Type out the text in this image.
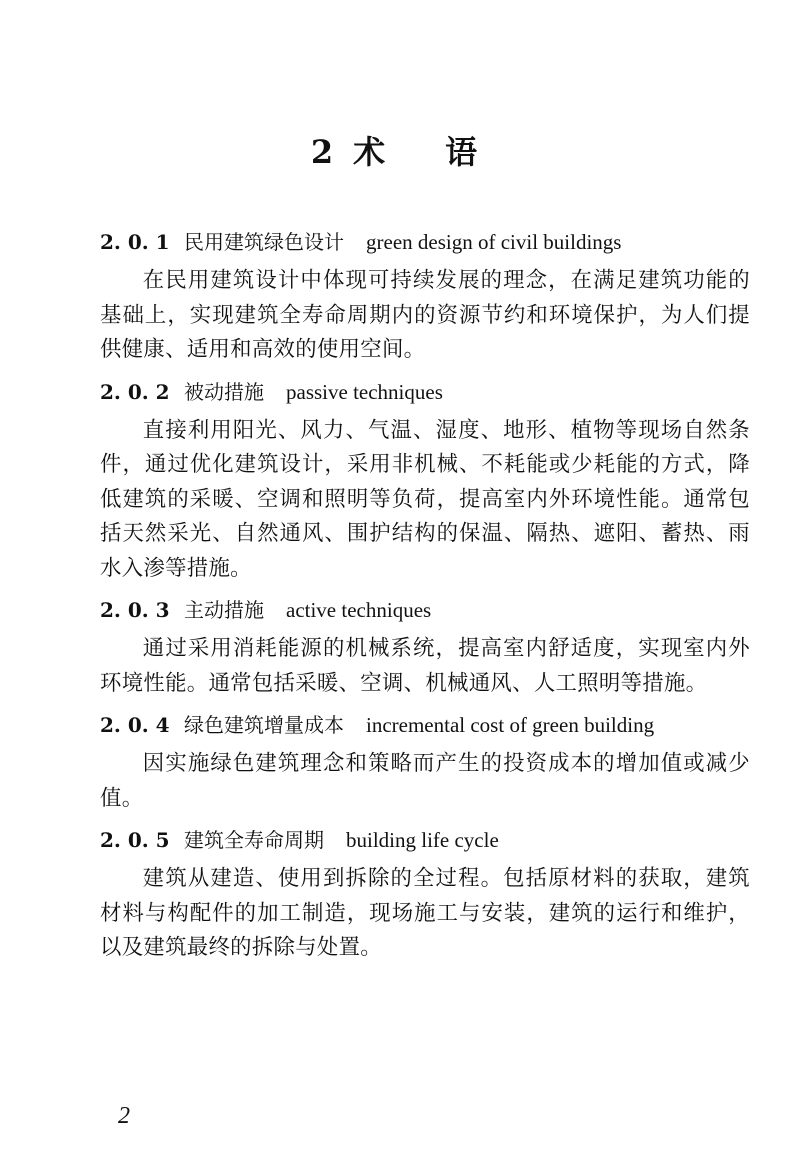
2 术 语
2. 0. 1 民用建筑绿色设计 green design of civil buildings

在民用建筑设计中体现可持续发展的理念，在满足建筑功能的基础上，实现建筑全寿命周期内的资源节约和环境保护，为人们提供健康、适用和高效的使用空间。

2. 0. 2 被动措施 passive techniques

直接利用阳光、风力、气温、湿度、地形、植物等现场自然条件，通过优化建筑设计，采用非机械、不耗能或少耗能的方式，降低建筑的采暖、空调和照明等负荷，提高室内外环境性能。通常包括天然采光、自然通风、围护结构的保温、隔热、遮阳、蓄热、雨水入渗等措施。

2. 0. 3 主动措施 active techniques

通过采用消耗能源的机械系统，提高室内舒适度，实现室内外环境性能。通常包括采暖、空调、机械通风、人工照明等措施。

2. 0. 4 绿色建筑增量成本 incremental cost of green building

因实施绿色建筑理念和策略而产生的投资成本的增加值或减少值。

2. 0. 5 建筑全寿命周期 building life cycle

建筑从建造、使用到拆除的全过程。包括原材料的获取，建筑材料与构配件的加工制造，现场施工与安装，建筑的运行和维护，以及建筑最终的拆除与处置。

2
